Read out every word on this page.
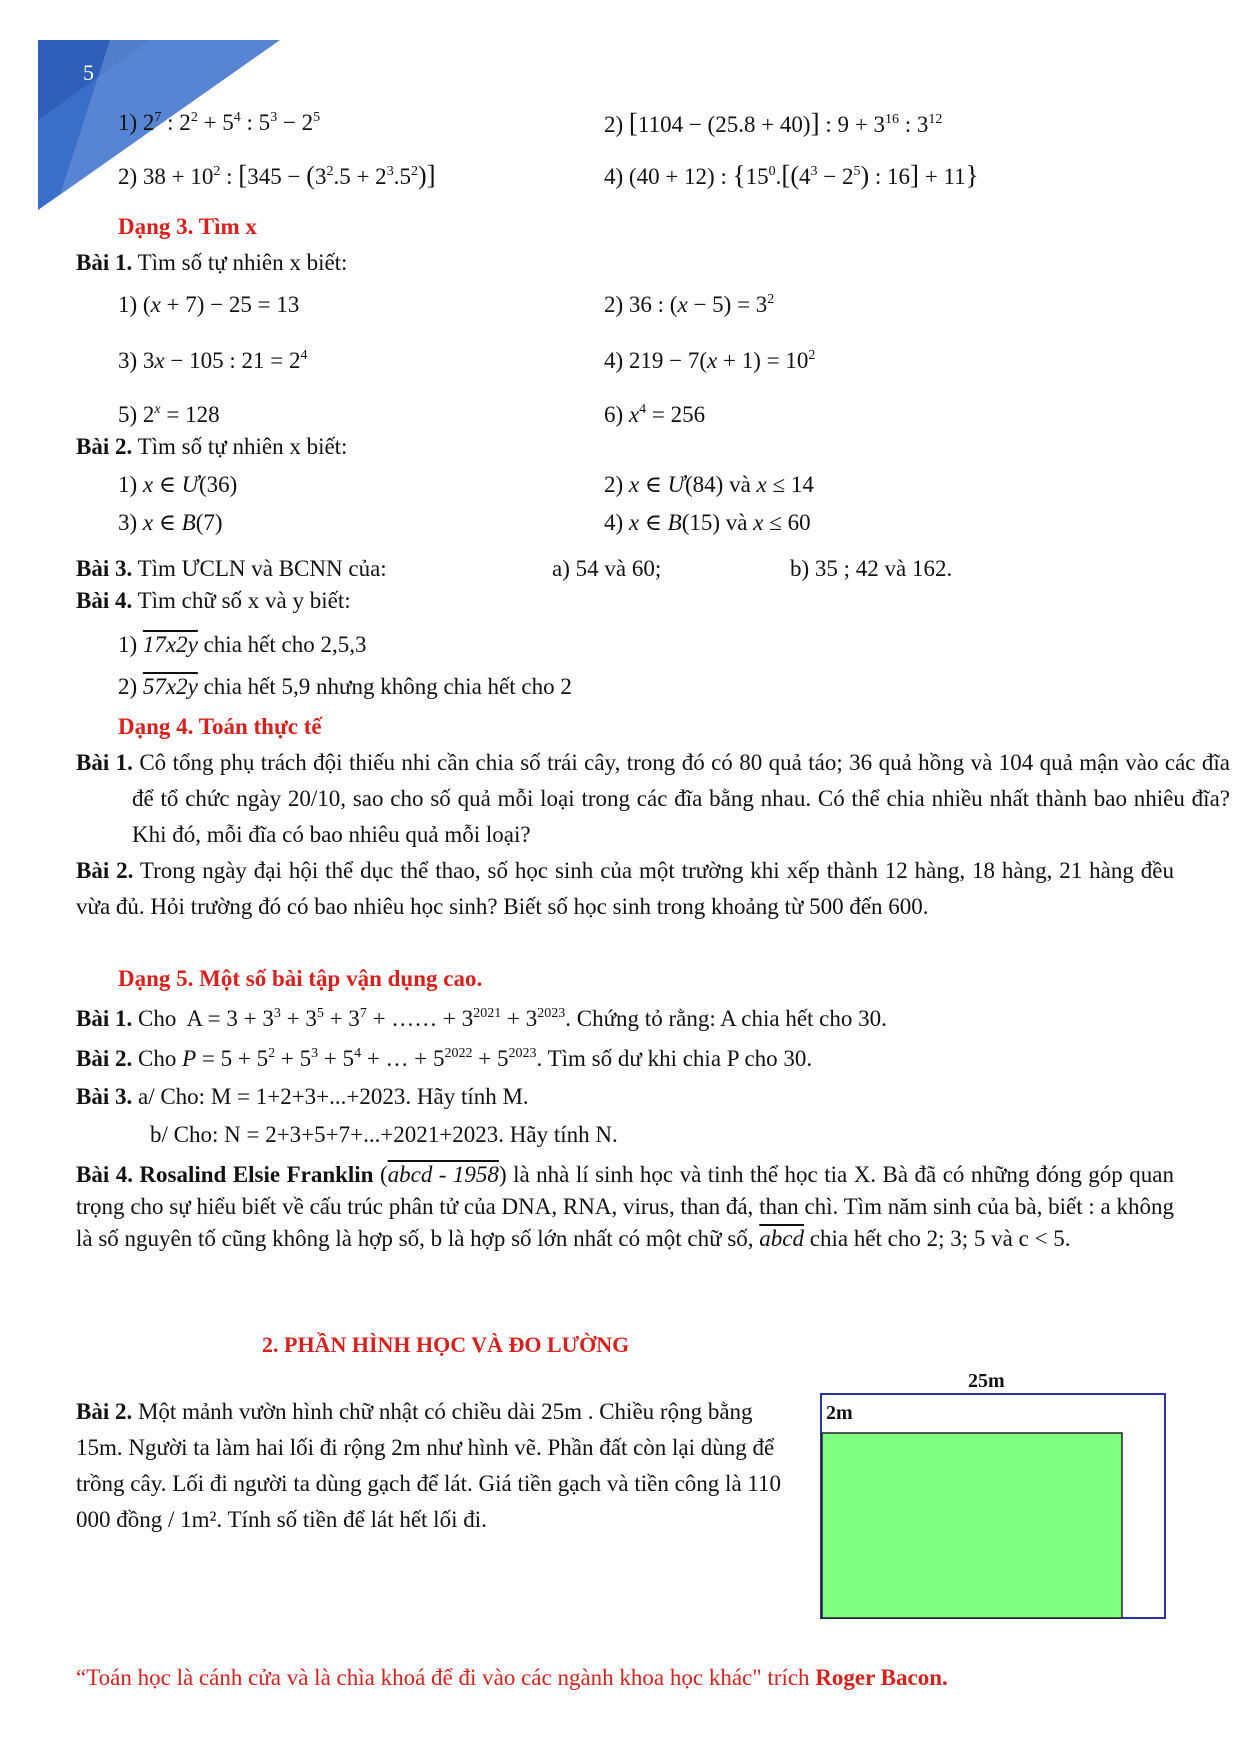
5
1) $2^7$ : $2^2 + 5^4$ : $5^3 - 2^5$	2) [1104 − (25.8 + 40)] : $9 + 3^{16}$ : $3^{12}$
2) $38 + 10^2$ : $[345 - (3^2.5 + 2^3.5^2)]$	4) (40 + 12) : {$15^0.[(4^3 - 2^5)$ : 16] + 11}
Dạng 3. Tìm x
Bài 1. Tìm số tự nhiên x biết:
1) (x + 7) − 25 = 13	2) 36 : $(x - 5) = 3^2$
3) 3x − 105 : $21 = 2^4$	4) $219 - 7(x + 1) = 10^2$
5) $2^x = 128$	6) $x^4 = 256$
Bài 2. Tìm số tự nhiên x biết:
1) x ∈ Ư(36)	2) x ∈ Ư(84) và x ≤ 14
3) x ∈ B(7)	4) x ∈ B(15) và x ≤ 60
Bài 3. Tìm ƯCLN và BCNN của:	a) 54 và 60;	b) 35 ; 42 và 162.
Bài 4. Tìm chữ số x và y biết:
1) 17x2y chia hết cho 2,5,3
2) 57x2y chia hết 5,9 nhưng không chia hết cho 2
Dạng 4. Toán thực tế
Bài 1. Cô tổng phụ trách đội thiếu nhi cần chia số trái cây, trong đó có 80 quả táo; 36 quả hồng và 104 quả mận vào các đĩa để tổ chức ngày 20/10, sao cho số quả mỗi loại trong các đĩa bằng nhau. Có thể chia nhiều nhất thành bao nhiêu đĩa? Khi đó, mỗi đĩa có bao nhiêu quả mỗi loại?
Bài 2. Trong ngày đại hội thể dục thể thao, số học sinh của một trường khi xếp thành 12 hàng, 18 hàng, 21 hàng đều vừa đủ. Hỏi trường đó có bao nhiêu học sinh? Biết số học sinh trong khoảng từ 500 đến 600.
Dạng 5. Một số bài tập vận dụng cao.
Bài 1. Cho  $A = 3 + 3^3 + 3^5 + 3^7$ + …… + $3^{2021} + 3^{2023}$. Chứng tỏ rằng: A chia hết cho 30.
Bài 2. Cho $P = 5 + 5^2 + 5^3 + 5^4$ + … + $5^{2022} + 5^{2023}$. Tìm số dư khi chia P cho 30.
Bài 3. a/ Cho: M = 1+2+3+...+2023. Hãy tính M.
b/ Cho: N = 2+3+5+7+...+2021+2023. Hãy tính N.
Bài 4. Rosalind Elsie Franklin (abcd - 1958) là nhà lí sinh học và tinh thể học tia X. Bà đã có những đóng góp quan trọng cho sự hiểu biết về cấu trúc phân tử của DNA, RNA, virus, than đá, than chì. Tìm năm sinh của bà, biết : a không là số nguyên tố cũng không là hợp số, b là hợp số lớn nhất có một chữ số, abcd chia hết cho 2; 3; 5 và c < 5.
2. PHẦN HÌNH HỌC VÀ ĐO LƯỜNG
Bài 2. Một mảnh vườn hình chữ nhật có chiều dài 25m . Chiều rộng bằng 15m. Người ta làm hai lối đi rộng 2m như hình vẽ. Phần đất còn lại dùng để trồng cây. Lối đi người ta dùng gạch để lát. Giá tiền gạch và tiền công là 110 000 đồng / 1m². Tính số tiền để lát hết lối đi.
25m
2m
“Toán học là cánh cửa và là chìa khoá để đi vào các ngành khoa học khác" trích Roger Bacon.
